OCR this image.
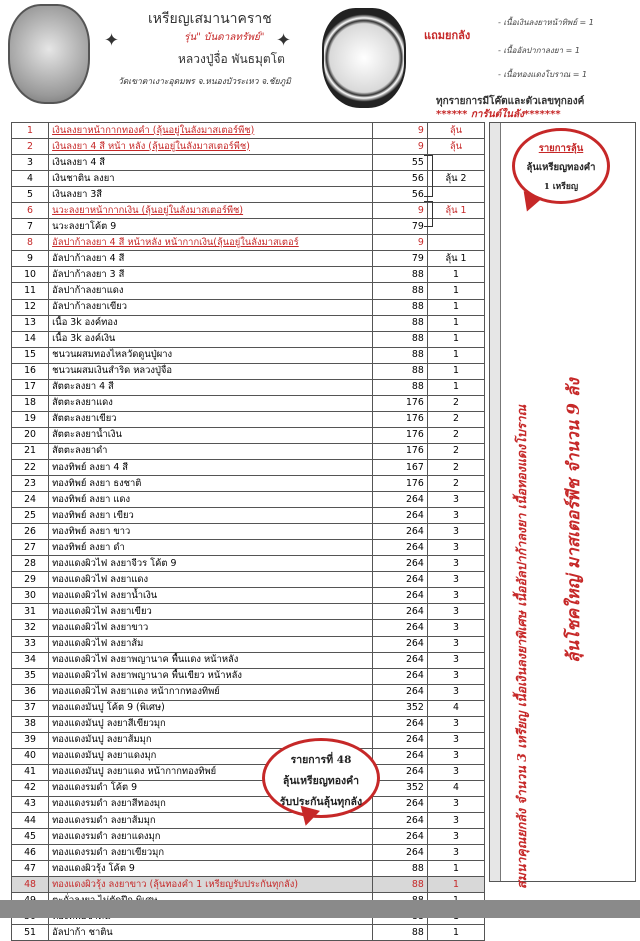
✦	✦
เหรียญเสมานาคราช
รุ่น" บันดาลทรัพย์"
หลวงปู่จื่อ พันธมุตโต
วัดเขาตาเงาะอุดมพร จ.หนองบัวระเหว จ.ชัยภูมิ
แถมยกลัง
- เนื้อเงินลงยาหน้าทิพย์ = 1
- เนื้ออัลปากาลงยา = 1
- เนื้อทองแดงโบราณ = 1
ทุกรายการมีโค๊ตและตัวเลขทุกองค์
****** การันต์ในลัง*******
1	เงินลงยาหน้ากากทองคำ (ลุ้นอยู่ในลังมาสเตอร์พีช)	9	ลุ้น
2	เงินลงยา 4 สี หน้า หลัง (ลุ้นอยู่ในลังมาสเตอร์พีช)	9	ลุ้น
3	เงินลงยา 4 สี	55	
4	เงินชาติน ลงยา	56	ลุ้น 2
5	เงินลงยา 3สี	56	
6	นวะลงยาหน้ากากเงิน (ลุ้นอยู่ในลังมาสเตอร์พีช)	9	ลุ้น 1
7	นวะลงยาโค้ต 9	79	
8	อัลปาก้าลงยา 4 สี หน้าหลัง หน้ากากเงิน(ลุ้นอยู่ในลังมาสเตอร์	9	
9	อัลปาก้าลงยา 4 สี	79	ลุ้น 1
10	อัลปาก้าลงยา 3 สี	88	1
11	อัลปาก้าลงยาแดง	88	1
12	อัลปาก้าลงยาเขียว	88	1
13	เนื้อ 3k องค์ทอง	88	1
14	เนื้อ 3k องค์เงิน	88	1
15	ชนวนผสมทองไหลวัดดูนปู่ผาง	88	1
16	ชนวนผสมเงินสำริด หลวงปู่จื่อ	88	1
17	สัตตะลงยา 4 สี	88	1
18	สัตตะลงยาแดง	176	2
19	สัตตะลงยาเขียว	176	2
20	สัตตะลงยาน้ำเงิน	176	2
21	สัตตะลงยาดำ	176	2
22	ทองทิพย์ ลงยา 4 สี	167	2
23	ทองทิพย์ ลงยา ธงชาติ	176	2
24	ทองทิพย์ ลงยา แดง	264	3
25	ทองทิพย์ ลงยา เขียว	264	3
26	ทองทิพย์ ลงยา ขาว	264	3
27	ทองทิพย์ ลงยา ดำ	264	3
28	ทองแดงผิวไฟ ลงยาจีวร โค้ต 9	264	3
29	ทองแดงผิวไฟ ลงยาแดง	264	3
30	ทองแดงผิวไฟ ลงยาน้ำเงิน	264	3
31	ทองแดงผิวไฟ ลงยาเขียว	264	3
32	ทองแดงผิวไฟ ลงยาขาว	264	3
33	ทองแดงผิวไฟ ลงยาส้ม	264	3
34	ทองแดงผิวไฟ ลงยาพญานาค พื้นแดง หน้าหลัง	264	3
35	ทองแดงผิวไฟ ลงยาพญานาค พื้นเขียว หน้าหลัง	264	3
36	ทองแดงผิวไฟ ลงยาแดง หน้ากากทองทิพย์	264	3
37	ทองแดงมันปู โค้ต 9 (พิเศษ)	352	4
38	ทองแดงมันปู ลงยาสีเขียวมุก	264	3
39	ทองแดงมันปู ลงยาส้มมุก	264	3
40	ทองแดงมันปู ลงยาแดงมุก	264	3
41	ทองแดงมันปู ลงยาแดง หน้ากากทองทิพย์	264	3
42	ทองแดงรมดำ โค้ต 9	352	4
43	ทองแดงรมดำ ลงยาสีทองมุก	264	3
44	ทองแดงรมดำ ลงยาส้มมุก	264	3
45	ทองแดงรมดำ ลงยาแดงมุก	264	3
46	ทองแดงรมดำ ลงยาเขียวมุก	264	3
47	ทองแดงผิวรุ้ง โค้ต 9	88	1
48	ทองแดงผิวรุ้ง ลงยาขาว (ลุ้นทองคำ 1 เหรียญรับประกันทุกลัง)	88	1

51	อัลปาก้า ชาติน	88	1
สมนาคุณยกลัง จำนวน 3 เหรียญ เนื้อเงินลงยาพิเศษ เนื้ออัลปาก้าลงยา เนื้อทองแดงโบราณ ลุ้นโชคใหญ่ มาสเตอร์พีช จำนวน 9 ลัง
รายการลุ้น
ลุ้นเหรียญทองคำ
1 เหรียญ
รายการที่ 48
ลุ้นเหรียญทองคำ
รับประกันลุ้นทุกลัง
